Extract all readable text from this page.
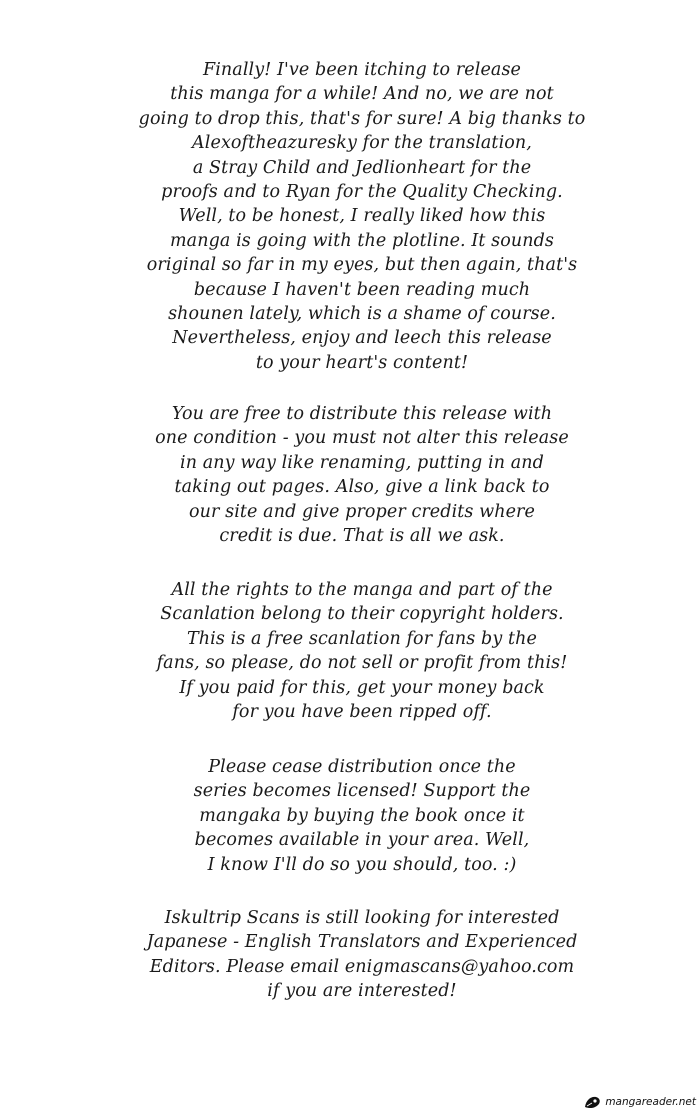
Finally! I've been itching to release
this manga for a while! And no, we are not
going to drop this, that's for sure! A big thanks to
Alexoftheazuresky for the translation,
a Stray Child and Jedlionheart for the
proofs and to Ryan for the Quality Checking.
Well, to be honest, I really liked how this
manga is going with the plotline. It sounds
original so far in my eyes, but then again, that's
because I haven't been reading much
shounen lately, which is a shame of course.
Nevertheless, enjoy and leech this release
to your heart's content!

You are free to distribute this release with
one condition - you must not alter this release
in any way like renaming, putting in and
taking out pages. Also, give a link back to
our site and give proper credits where
credit is due. That is all we ask.

All the rights to the manga and part of the
Scanlation belong to their copyright holders.
This is a free scanlation for fans by the
fans, so please, do not sell or profit from this!
If you paid for this, get your money back
for you have been ripped off.

Please cease distribution once the
series becomes licensed! Support the
mangaka by buying the book once it
becomes available in your area. Well,
I know I'll do so you should, too. :)

Iskultrip Scans is still looking for interested
Japanese - English Translators and Experienced
Editors. Please email enigmascans@yahoo.com
if you are interested!

mangareader.net
